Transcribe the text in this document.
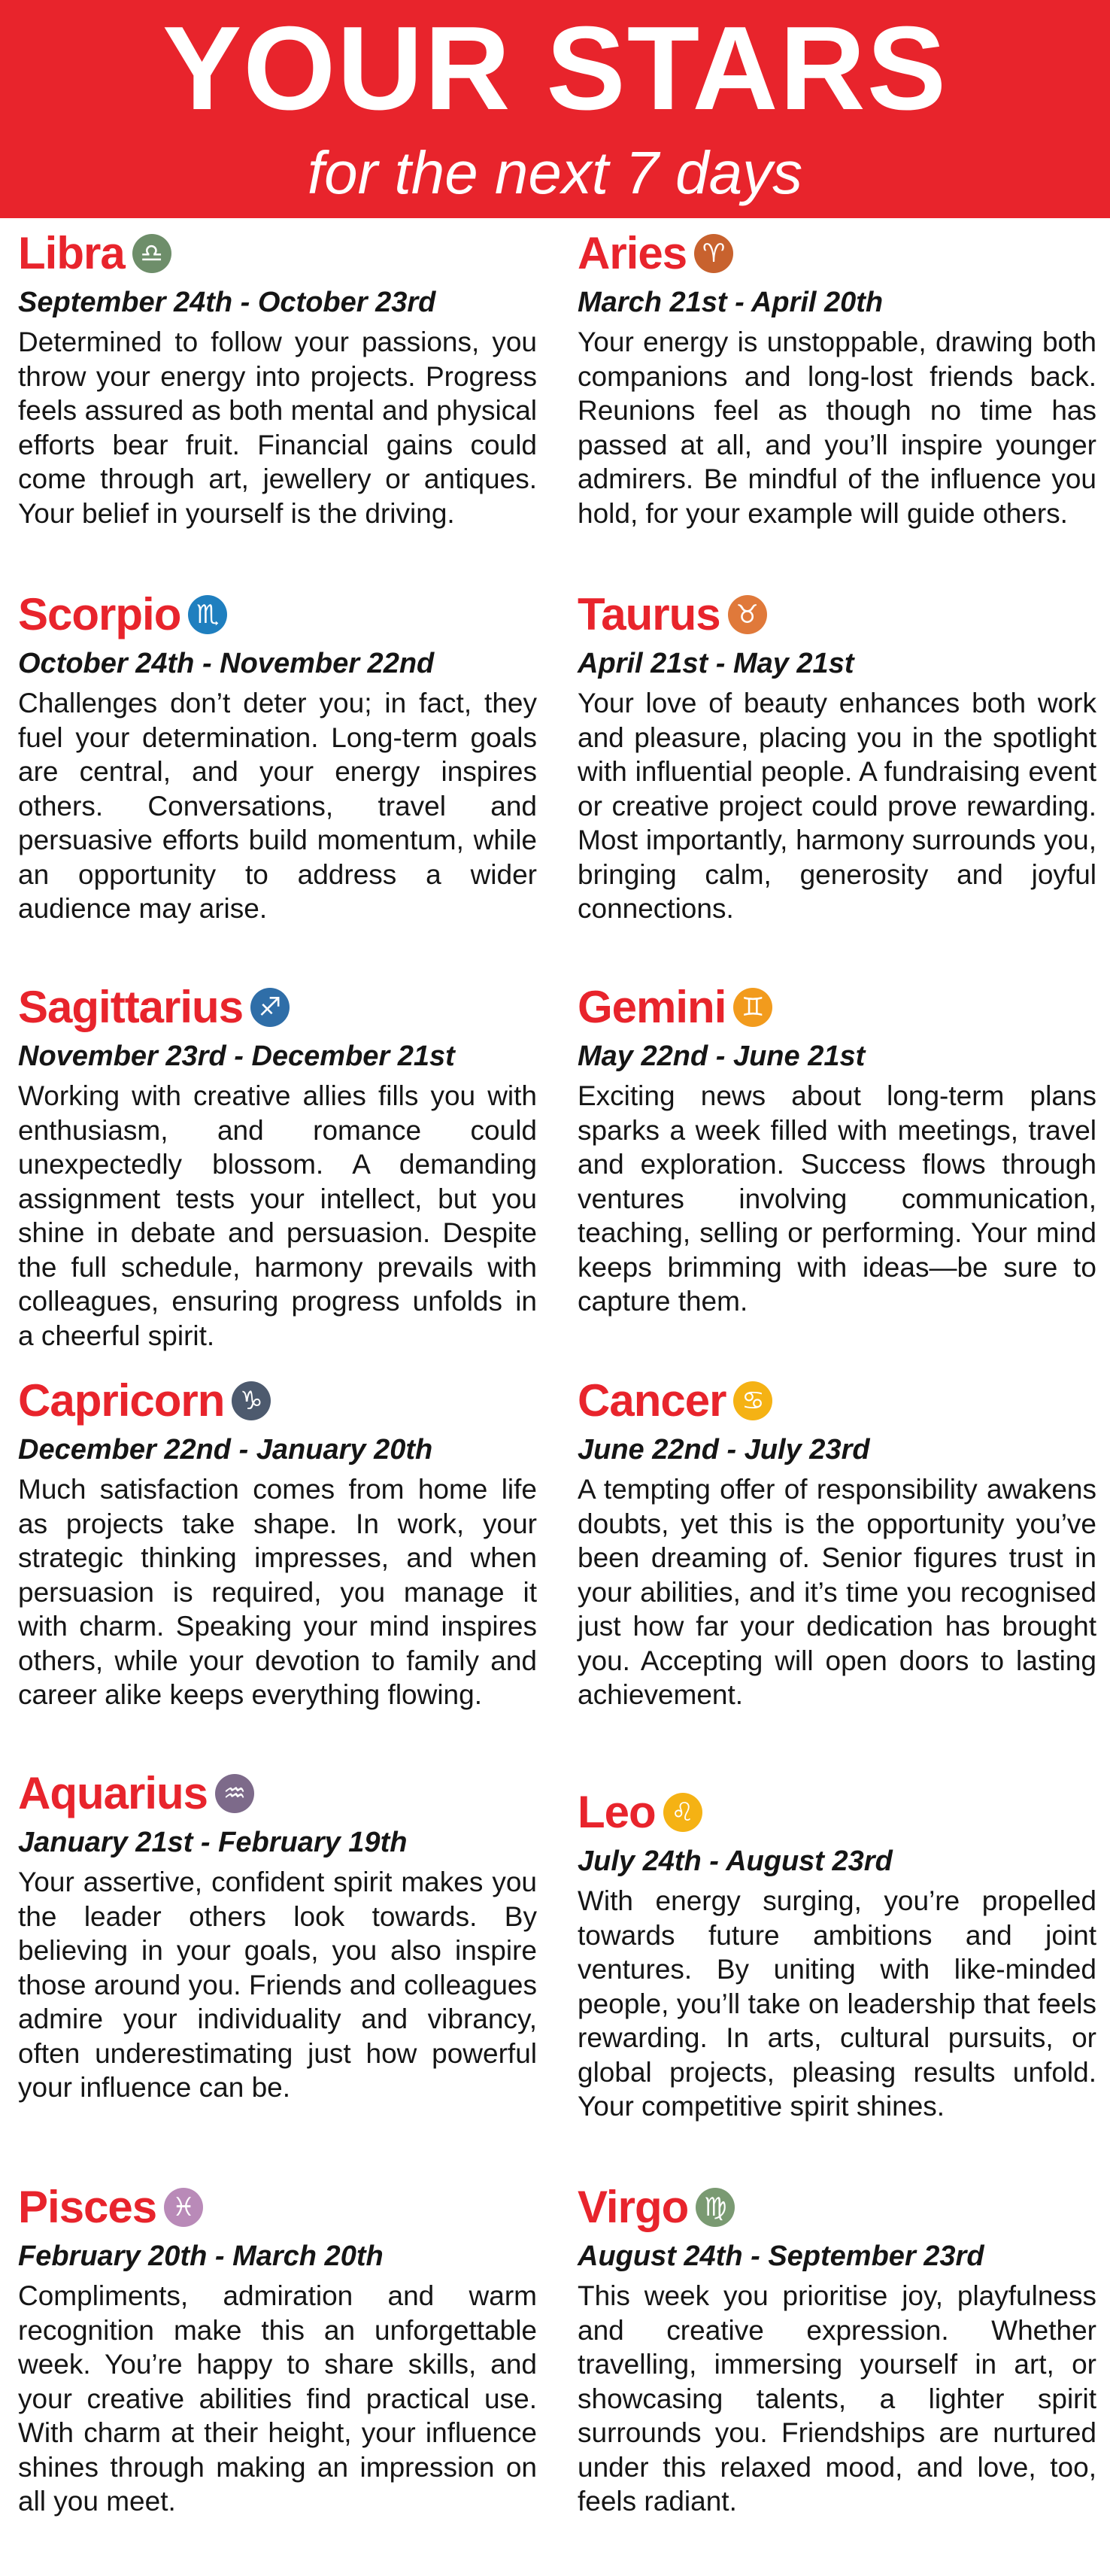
YOUR STARS
for the next 7 days
Libra ♎
September 24th - October 23rd
Determined to follow your passions, you throw your energy into projects. Progress feels assured as both mental and physical efforts bear fruit. Financial gains could come through art, jewellery or antiques. Your belief in yourself is the driving.
Scorpio ♏
October 24th - November 22nd
Challenges don’t deter you; in fact, they fuel your determination. Long-term goals are central, and your energy inspires others. Conversations, travel and persuasive efforts build momentum, while an opportunity to address a wider audience may arise.
Sagittarius ♐
November 23rd - December 21st
Working with creative allies fills you with enthusiasm, and romance could unexpectedly blossom. A demanding assignment tests your intellect, but you shine in debate and persuasion. Despite the full schedule, harmony prevails with colleagues, ensuring progress unfolds in a cheerful spirit.
Capricorn ♑
December 22nd - January 20th
Much satisfaction comes from home life as projects take shape. In work, your strategic thinking impresses, and when persuasion is required, you manage it with charm. Speaking your mind inspires others, while your devotion to family and career alike keeps everything flowing.
Aquarius ♒
January 21st - February 19th
Your assertive, confident spirit makes you the leader others look towards. By believing in your goals, you also inspire those around you. Friends and colleagues admire your individuality and vibrancy, often underestimating just how powerful your influence can be.
Pisces ♓
February 20th - March 20th
Compliments, admiration and warm recognition make this an unforgettable week. You’re happy to share skills, and your creative abilities find practical use. With charm at their height, your influence shines through making an impression on all you meet.
Aries ♈
March 21st - April 20th
Your energy is unstoppable, drawing both companions and long-lost friends back. Reunions feel as though no time has passed at all, and you’ll inspire younger admirers. Be mindful of the influence you hold, for your example will guide others.
Taurus ♉
April 21st - May 21st
Your love of beauty enhances both work and pleasure, placing you in the spotlight with influential people. A fundraising event or creative project could prove rewarding. Most importantly, harmony surrounds you, bringing calm, generosity and joyful connections.
Gemini ♊
May 22nd - June 21st
Exciting news about long-term plans sparks a week filled with meetings, travel and exploration. Success flows through ventures involving communication, teaching, selling or performing. Your mind keeps brimming with ideas—be sure to capture them.
Cancer ♋
June 22nd - July 23rd
A tempting offer of responsibility awakens doubts, yet this is the opportunity you’ve been dreaming of. Senior figures trust in your abilities, and it’s time you recognised just how far your dedication has brought you. Accepting will open doors to lasting achievement.
Leo ♌
July 24th - August 23rd
With energy surging, you’re propelled towards future ambitions and joint ventures. By uniting with like-minded people, you’ll take on leadership that feels rewarding. In arts, cultural pursuits, or global projects, pleasing results unfold. Your competitive spirit shines.
Virgo ♍
August 24th - September 23rd
This week you prioritise joy, playfulness and creative expression. Whether travelling, immersing yourself in art, or showcasing talents, a lighter spirit surrounds you. Friendships are nurtured under this relaxed mood, and love, too, feels radiant.
